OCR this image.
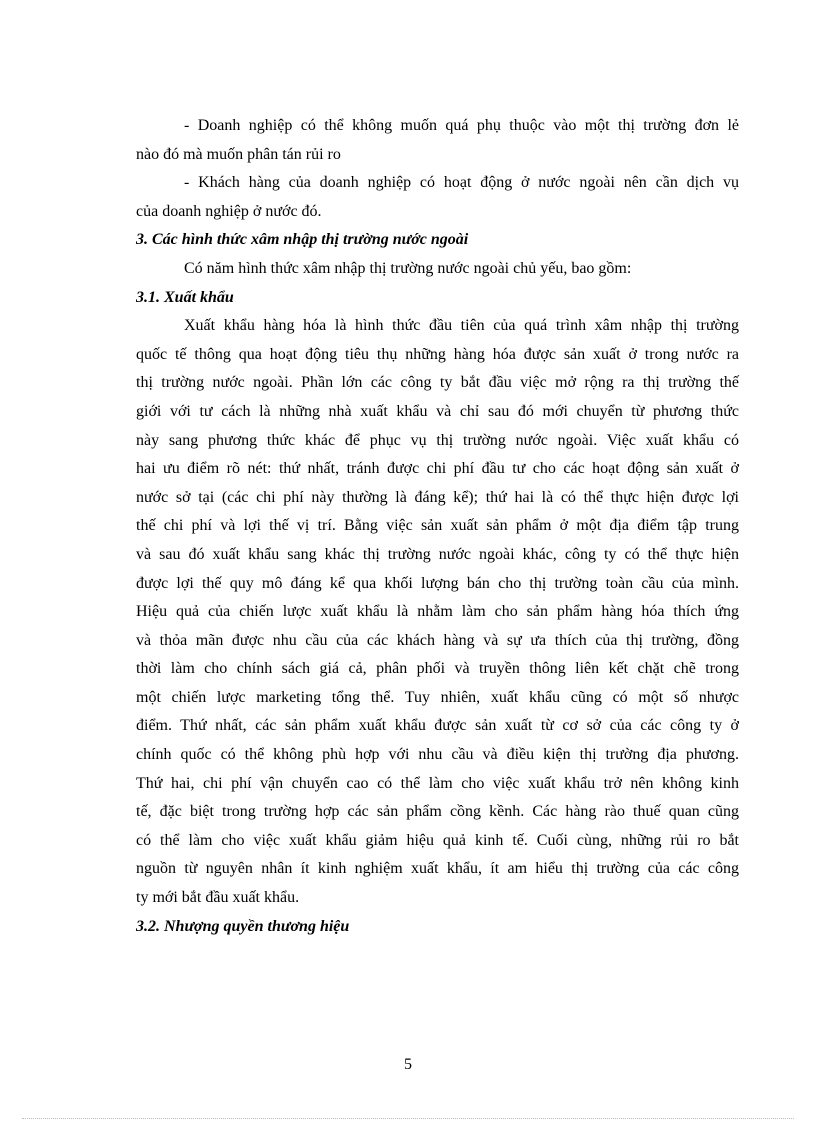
- Doanh nghiệp có thể không muốn quá phụ thuộc vào một thị trường đơn lẻ
nào đó mà muốn phân tán rủi ro
- Khách hàng của doanh nghiệp có hoạt động ở nước ngoài nên cần dịch vụ
của doanh nghiệp ở nước đó.
3. Các hình thức xâm nhập thị trường nước ngoài
Có năm hình thức xâm nhập thị trường nước ngoài chủ yếu, bao gồm:
3.1. Xuất khẩu
Xuất khẩu hàng hóa là hình thức đầu tiên của quá trình xâm nhập thị trường
quốc tế thông qua hoạt động tiêu thụ những hàng hóa được sản xuất ở trong nước ra
thị trường nước ngoài. Phần lớn các công ty bắt đầu việc mở rộng ra thị trường thế
giới với tư cách là những nhà xuất khẩu và chỉ sau đó mới chuyển từ phương thức
này sang phương thức khác để phục vụ thị trường nước ngoài. Việc xuất khẩu có
hai ưu điểm rõ nét: thứ nhất, tránh được chi phí đầu tư cho các hoạt động sản xuất ở
nước sở tại (các chi phí này thường là đáng kể); thứ hai là có thể thực hiện được lợi
thế chi phí và lợi thế vị trí. Bằng việc sản xuất sản phẩm ở một địa điểm tập trung
và sau đó xuất khẩu sang khác thị trường nước ngoài khác, công ty có thể thực hiện
được lợi thế quy mô đáng kể qua khối lượng bán cho thị trường toàn cầu của mình.
Hiệu quả của chiến lược xuất khẩu là nhằm làm cho sản phẩm hàng hóa thích ứng
và thỏa mãn được nhu cầu của các khách hàng và sự ưa thích của thị trường, đồng
thời làm cho chính sách giá cả, phân phối và truyền thông liên kết chặt chẽ trong
một chiến lược marketing tổng thể. Tuy nhiên, xuất khẩu cũng có một số nhược
điểm. Thứ nhất, các sản phẩm xuất khẩu được sản xuất từ cơ sở của các công ty ở
chính quốc có thể không phù hợp với nhu cầu và điều kiện thị trường địa phương.
Thứ hai, chi phí vận chuyển cao có thể làm cho việc xuất khẩu trở nên không kinh
tế, đặc biệt trong trường hợp các sản phẩm cồng kềnh. Các hàng rào thuế quan cũng
có thể làm cho việc xuất khẩu giảm hiệu quả kinh tế. Cuối cùng, những rủi ro bắt
nguồn từ nguyên nhân ít kinh nghiệm xuất khẩu, ít am hiểu thị trường của các công
ty mới bắt đầu xuất khẩu.
3.2. Nhượng quyền thương hiệu
5
